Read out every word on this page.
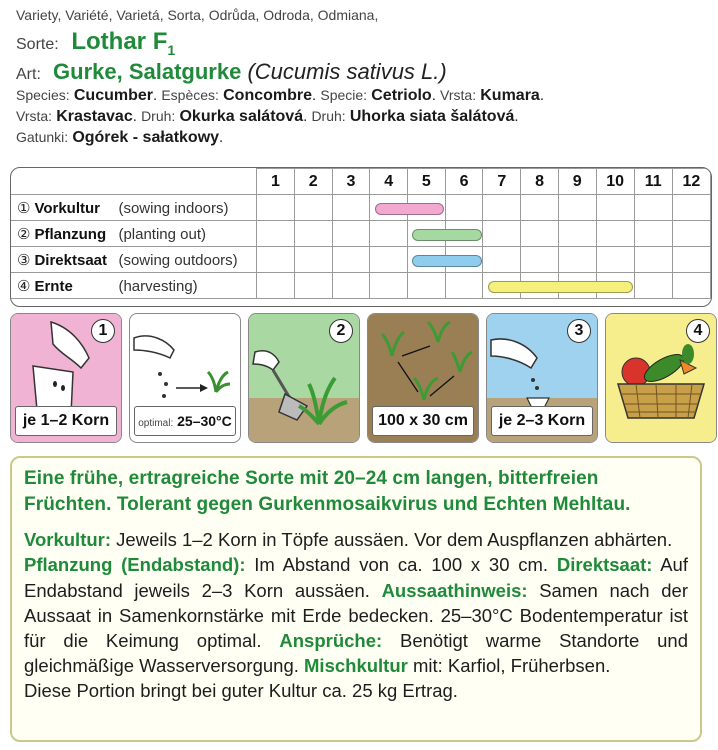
Variety, Variété, Varietá, Sorta, Odrůda, Odroda, Odmiana,
Sorte: Lothar $F_1$
Art: Gurke, Salatgurke (Cucumis sativus L.)
Species: Cucumber. Espèces: Concombre. Specie: Cetriolo. Vrsta: Kumara.
Vrsta: Krastavac. Druh: Okurka salátová. Druh: Uhorka siata šalátová.
Gatunki: Ogórek - sałatkowy.
	1	2	3	4	5	6	7	8	9	10	11	12
① Vorkultur (sowing indoors)												
② Pflanzung (planting out)												
③ Direktsaat (sowing outdoors)												
④ Ernte (harvesting)												
1
je 1–2 Korn	optimal: 25–30°C
2
100 x 30 cm
3
je 2–3 Korn
4
Eine frühe, ertragreiche Sorte mit 20–24 cm langen, bitterfreien Früchten. Tolerant gegen Gurkenmosaikvirus und Echten Mehltau.
Vorkultur: Jeweils 1–2 Korn in Töpfe aussäen. Vor dem Auspflanzen abhärten.
Pflanzung (Endabstand): Im Abstand von ca. 100 x 30 cm. Direktsaat: Auf Endabstand jeweils 2–3 Korn aussäen. Aussaathinweis: Samen nach der Aussaat in Samenkornstärke mit Erde bedecken. 25–30°C Bodentemperatur ist für die Keimung optimal. Ansprüche: Benötigt warme Standorte und gleichmäßige Wasserversorgung. Mischkultur mit: Karfiol, Früherbsen.
Diese Portion bringt bei guter Kultur ca. 25 kg Ertrag.
